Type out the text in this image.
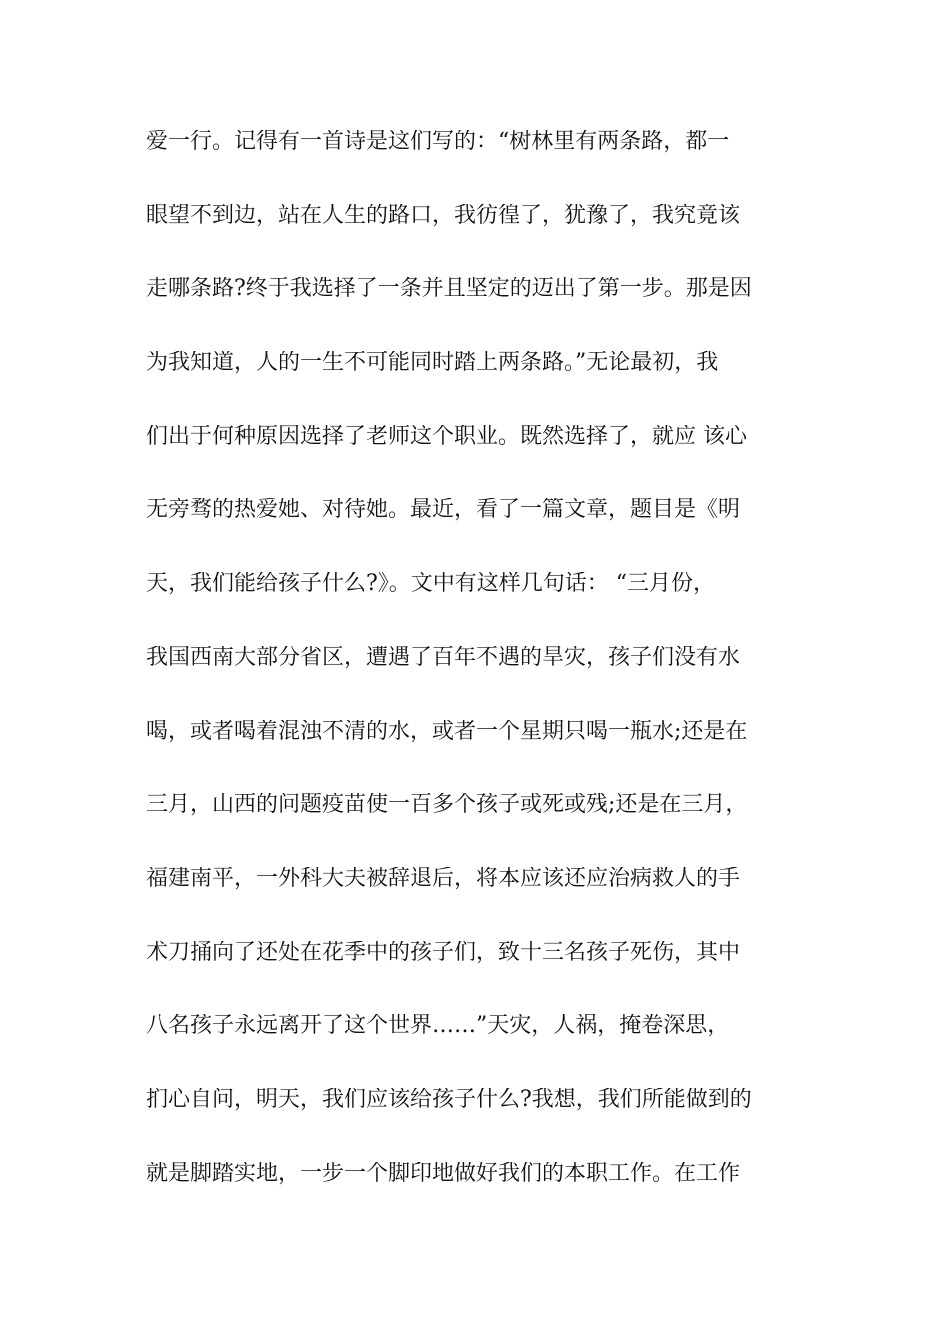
爱一行。记得有一首诗是这们写的：“树林里有两条路，都一
眼望不到边，站在人生的路口，我彷徨了，犹豫了，我究竟该
走哪条路?终于我选择了一条并且坚定的迈出了第一步。那是因
为我知道，人的一生不可能同时踏上两条路。”无论最初，我
们出于何种原因选择了老师这个职业。既然选择了，就应 该心
无旁骛的热爱她、对待她。最近，看了一篇文章，题目是《明
天，我们能给孩子什么?》。文中有这样几句话： “三月份，
我国西南大部分省区，遭遇了百年不遇的旱灾，孩子们没有水
喝，或者喝着混浊不清的水，或者一个星期只喝一瓶水;还是在
三月，山西的问题疫苗使一百多个孩子或死或残;还是在三月，
福建南平，一外科大夫被辞退后，将本应该还应治病救人的手
术刀捅向了还处在花季中的孩子们，致十三名孩子死伤，其中
八名孩子永远离开了这个世界……”天灾，人祸，掩卷深思，
扪心自问，明天，我们应该给孩子什么?我想，我们所能做到的
就是脚踏实地，一步一个脚印地做好我们的本职工作。在工作
